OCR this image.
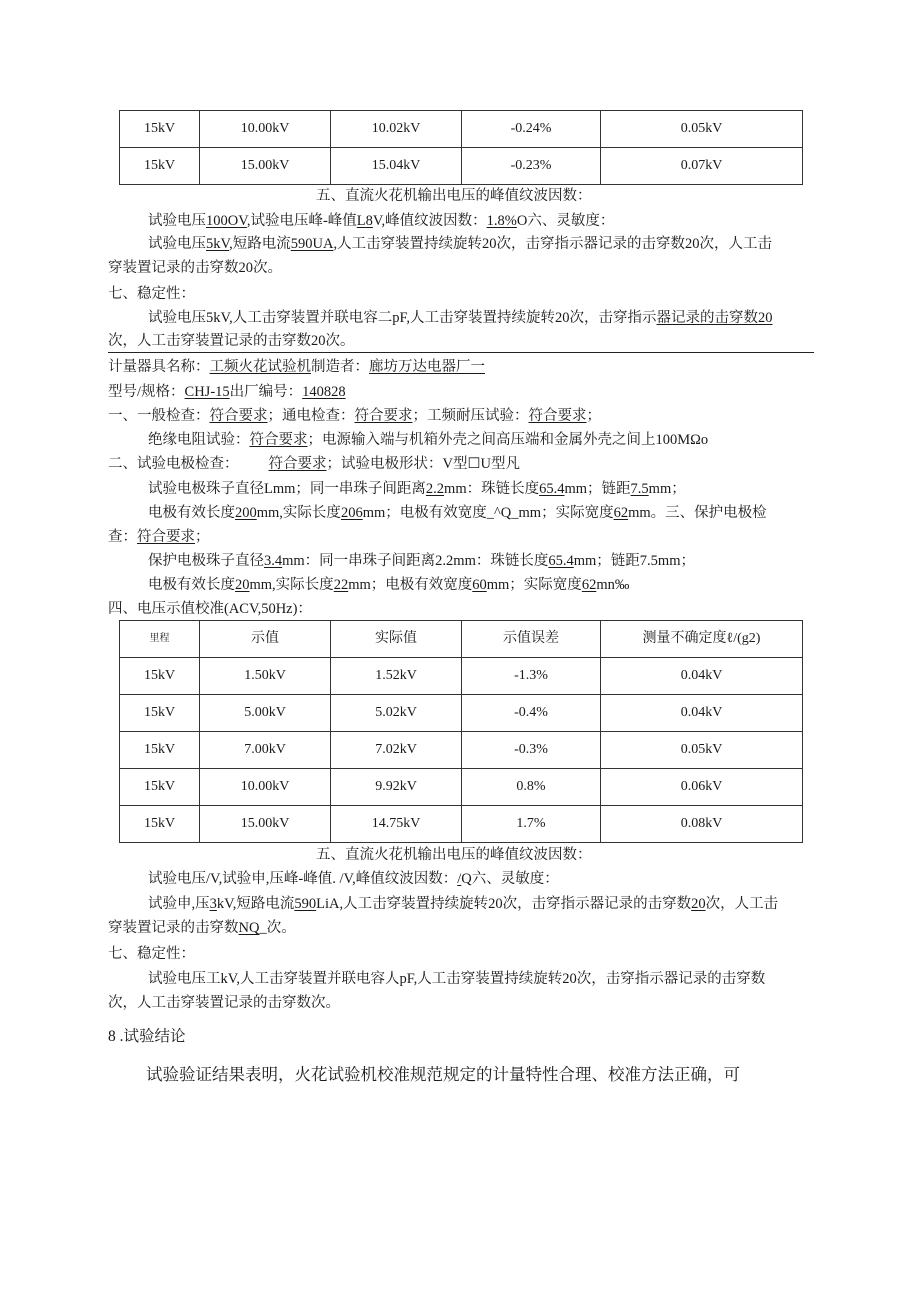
15kV	10.00kV	10.02kV	-0.24%	0.05kV
15kV	15.00kV	15.04kV	-0.23%	0.07kV
五、直流火花机输出电压的峰值纹波因数：
试验电压100OV,试验电压峰-峰值L8V,峰值纹波因数：1.8%O六、灵敏度：
试验电压5kV,短路电流590UA,人工击穿装置持续旋转20次，击穿指示器记录的击穿数20次，人工击
穿装置记录的击穿数20次。
七、稳定性：
试验电压5kV,人工击穿装置并联电容二pF,人工击穿装置持续旋转20次，击穿指示器记录的击穿数20
次，人工击穿装置记录的击穿数20次。
计量器具名称：工频火花试验机制造者：廊坊万达电器厂一
型号/规格：CHJ-15出厂编号：140828
一、一般检查：符合要求；通电检查：符合要求；工频耐压试验：符合要求；
绝缘电阻试验：符合要求；电源输入端与机箱外壳之间高压端和金属外壳之间上100MΩo
二、试验电极检查： 符合要求；试验电极形状：V型☐U型凡
试验电极珠子直径Lmm；同一串珠子间距离2.2mm：珠链长度65.4mm；链距7.5mm；
电极有效长度200mm,实际长度206mm；电极有效宽度_^Q_mm；实际宽度62mm。三、保护电极检
查：符合要求；
保护电极珠子直径3.4mm：同一串珠子间距离2.2mm：珠链长度65.4mm；链距7.5mm；
电极有效长度20mm,实际长度22mm；电极有效宽度60mm；实际宽度62mn‰
四、电压示值校准(ACV,50Hz)：
里程	示值	实际值	示值误差	测量不确定度ℓ/(g2)
15kV	1.50kV	1.52kV	-1.3%	0.04kV
15kV	5.00kV	5.02kV	-0.4%	0.04kV
15kV	7.00kV	7.02kV	-0.3%	0.05kV
15kV	10.00kV	9.92kV	0.8%	0.06kV
15kV	15.00kV	14.75kV	1.7%	0.08kV
五、直流火花机输出电压的峰值纹波因数：
试验电压/V,试验申,压峰-峰值. /V,峰值纹波因数：/Q六、灵敏度：
试验申,压3kV,短路电流590LiA,人工击穿装置持续旋转20次，击穿指示器记录的击穿数20次，人工击
穿装置记录的击穿数NQ_次。
七、稳定性：
试验电压工kV,人工击穿装置并联电容人pF,人工击穿装置持续旋转20次，击穿指示器记录的击穿数
次，人工击穿装置记录的击穿数次。
8 .试验结论
试验验证结果表明，火花试验机校准规范规定的计量特性合理、校准方法正确，可
